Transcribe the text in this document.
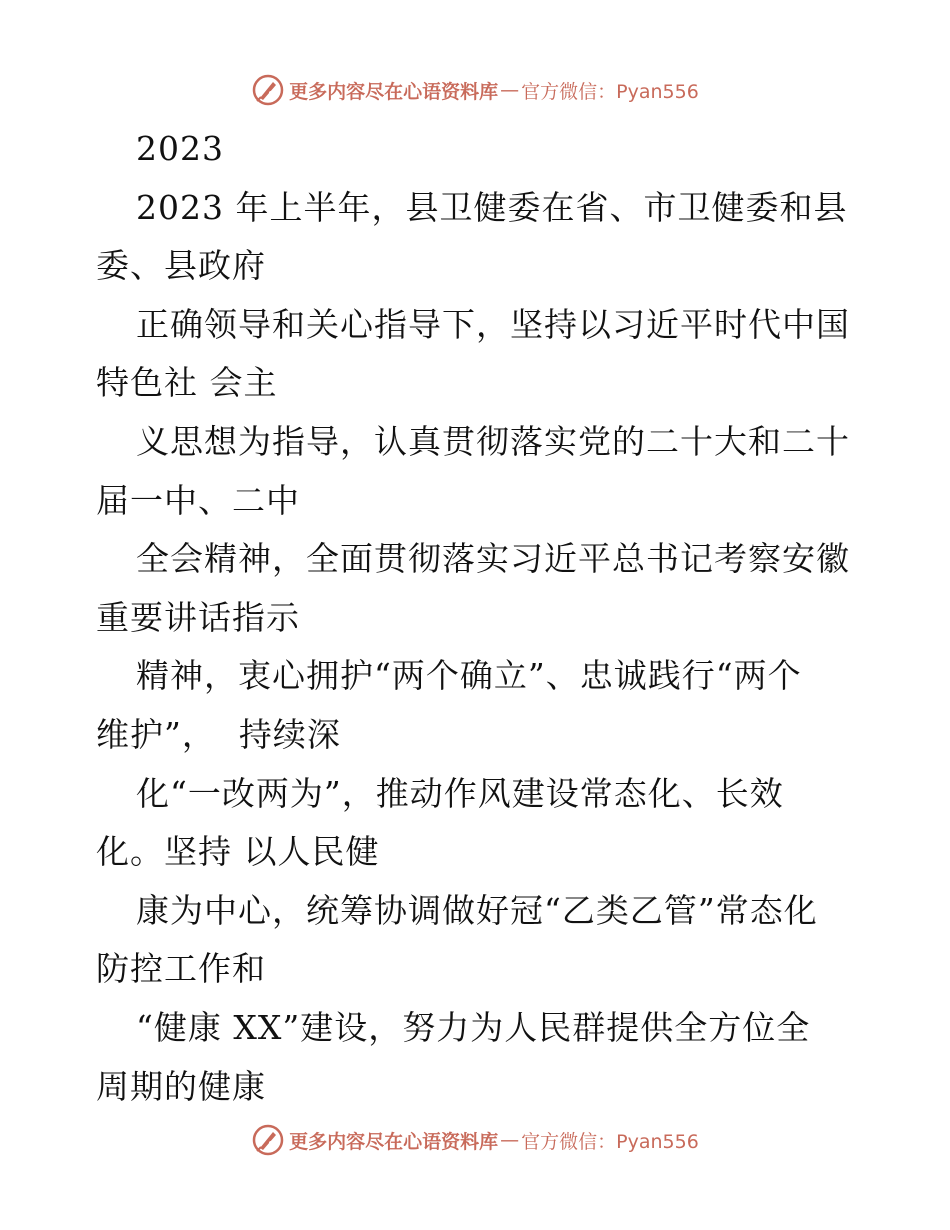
更多内容尽在心语资料库 — 官方微信：Pyan556
2023
2023 年上半年，县卫健委在省、市卫健委和县
委、县政府
正确领导和关心指导下，坚持以习近平时代中国
特色社 会主
义思想为指导，认真贯彻落实党的二十大和二十
届一中、二中
全会精神，全面贯彻落实习近平总书记考察安徽
重要讲话指示
精神，衷心拥护“两个确立”、忠诚践行“两个
维护”，  持续深
化“一改两为”，推动作风建设常态化、长效
化。坚持 以人民健
康为中心，统筹协调做好冠“乙类乙管”常态化
防控工作和
“健康 XX”建设，努力为人民群提供全方位全
周期的健康
更多内容尽在心语资料库 — 官方微信：Pyan556
